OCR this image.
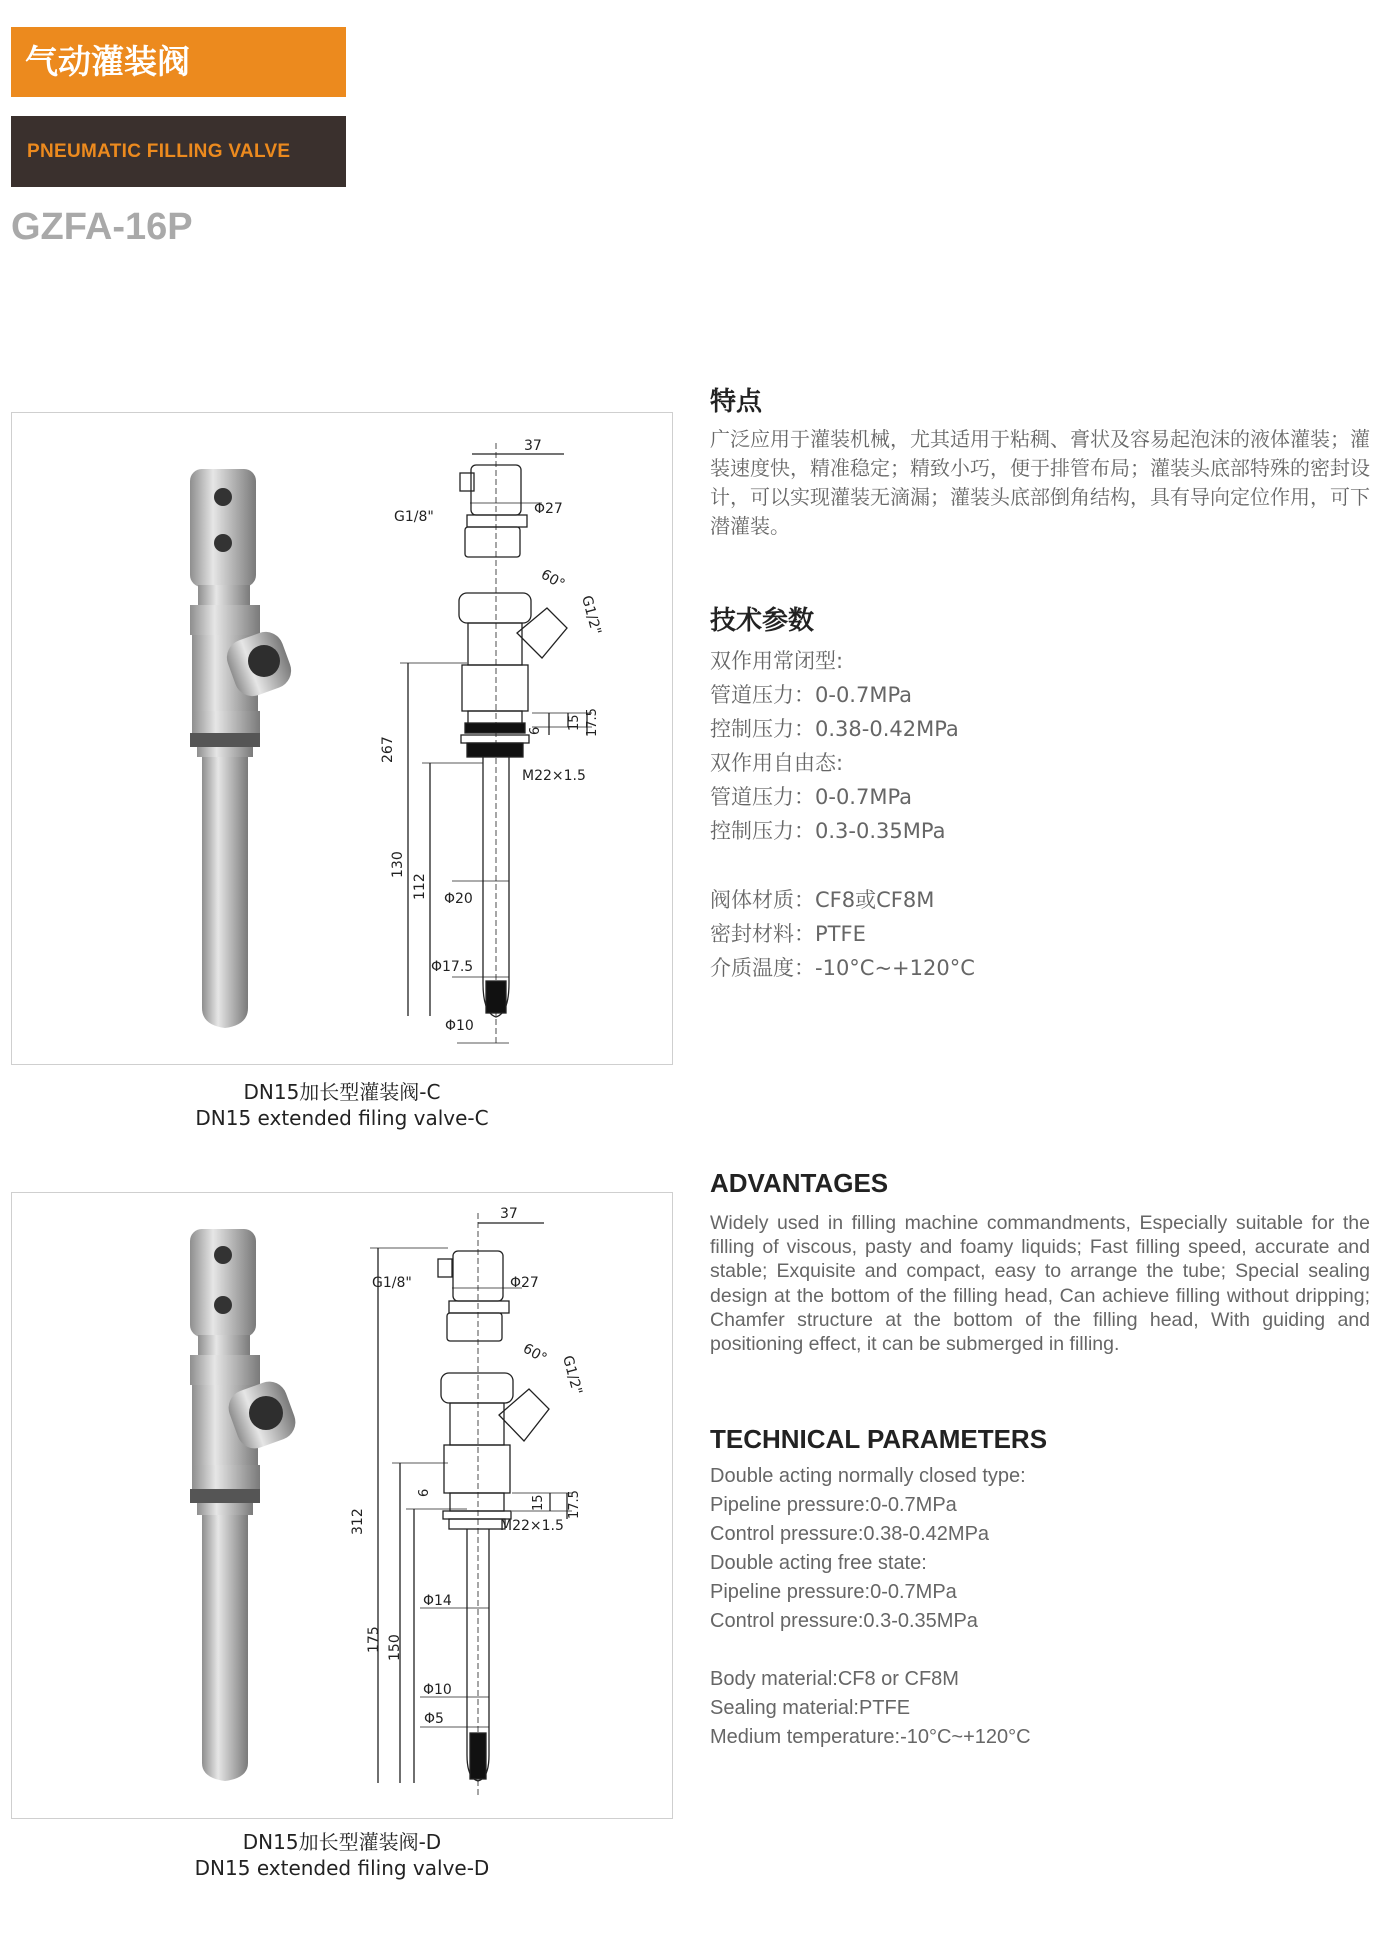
气动灌装阀
PNEUMATIC FILLING VALVE
GZFA-16P
37
G1/8"	Φ27
60°
G1/2"
267
15 17.5
6
M22×1.5
130
112 Φ20
Φ17.5
Φ10
DN15加长型灌装阀-C
DN15 extended filing valve-C
37
G1/8"	Φ27
60°
G1/2"
312
15 17.5
6
M22×1.5
175 150
Φ14
Φ10
Φ5
DN15加长型灌装阀-D
DN15 extended filing valve-D
特点
广泛应用于灌装机械，尤其适用于粘稠、膏状及容易起泡沫的液体灌装；灌装速度快，精准稳定；精致小巧，便于排管布局；灌装头底部特殊的密封设计，可以实现灌装无滴漏；灌装头底部倒角结构，具有导向定位作用，可下潜灌装。
技术参数
双作用常闭型:
管道压力：0-0.7MPa
控制压力：0.38-0.42MPa
双作用自由态:
管道压力：0-0.7MPa
控制压力：0.3-0.35MPa
阀体材质：CF8或CF8M
密封材料：PTFE
介质温度：-10°C~+120°C
ADVANTAGES
Widely used in filling machine commandments, Especially suitable for the filling of viscous, pasty and foamy liquids; Fast filling speed, accurate and stable; Exquisite and compact, easy to arrange the tube; Special sealing design at the bottom of the filling head, Can achieve filling without dripping; Chamfer structure at the bottom of the filling head, With guiding and positioning effect, it can be submerged in filling.
TECHNICAL PARAMETERS
Double acting normally closed type:
Pipeline pressure:0-0.7MPa
Control pressure:0.38-0.42MPa
Double acting free state:
Pipeline pressure:0-0.7MPa
Control pressure:0.3-0.35MPa
Body material:CF8 or CF8M
Sealing material:PTFE
Medium temperature:-10°C~+120°C
